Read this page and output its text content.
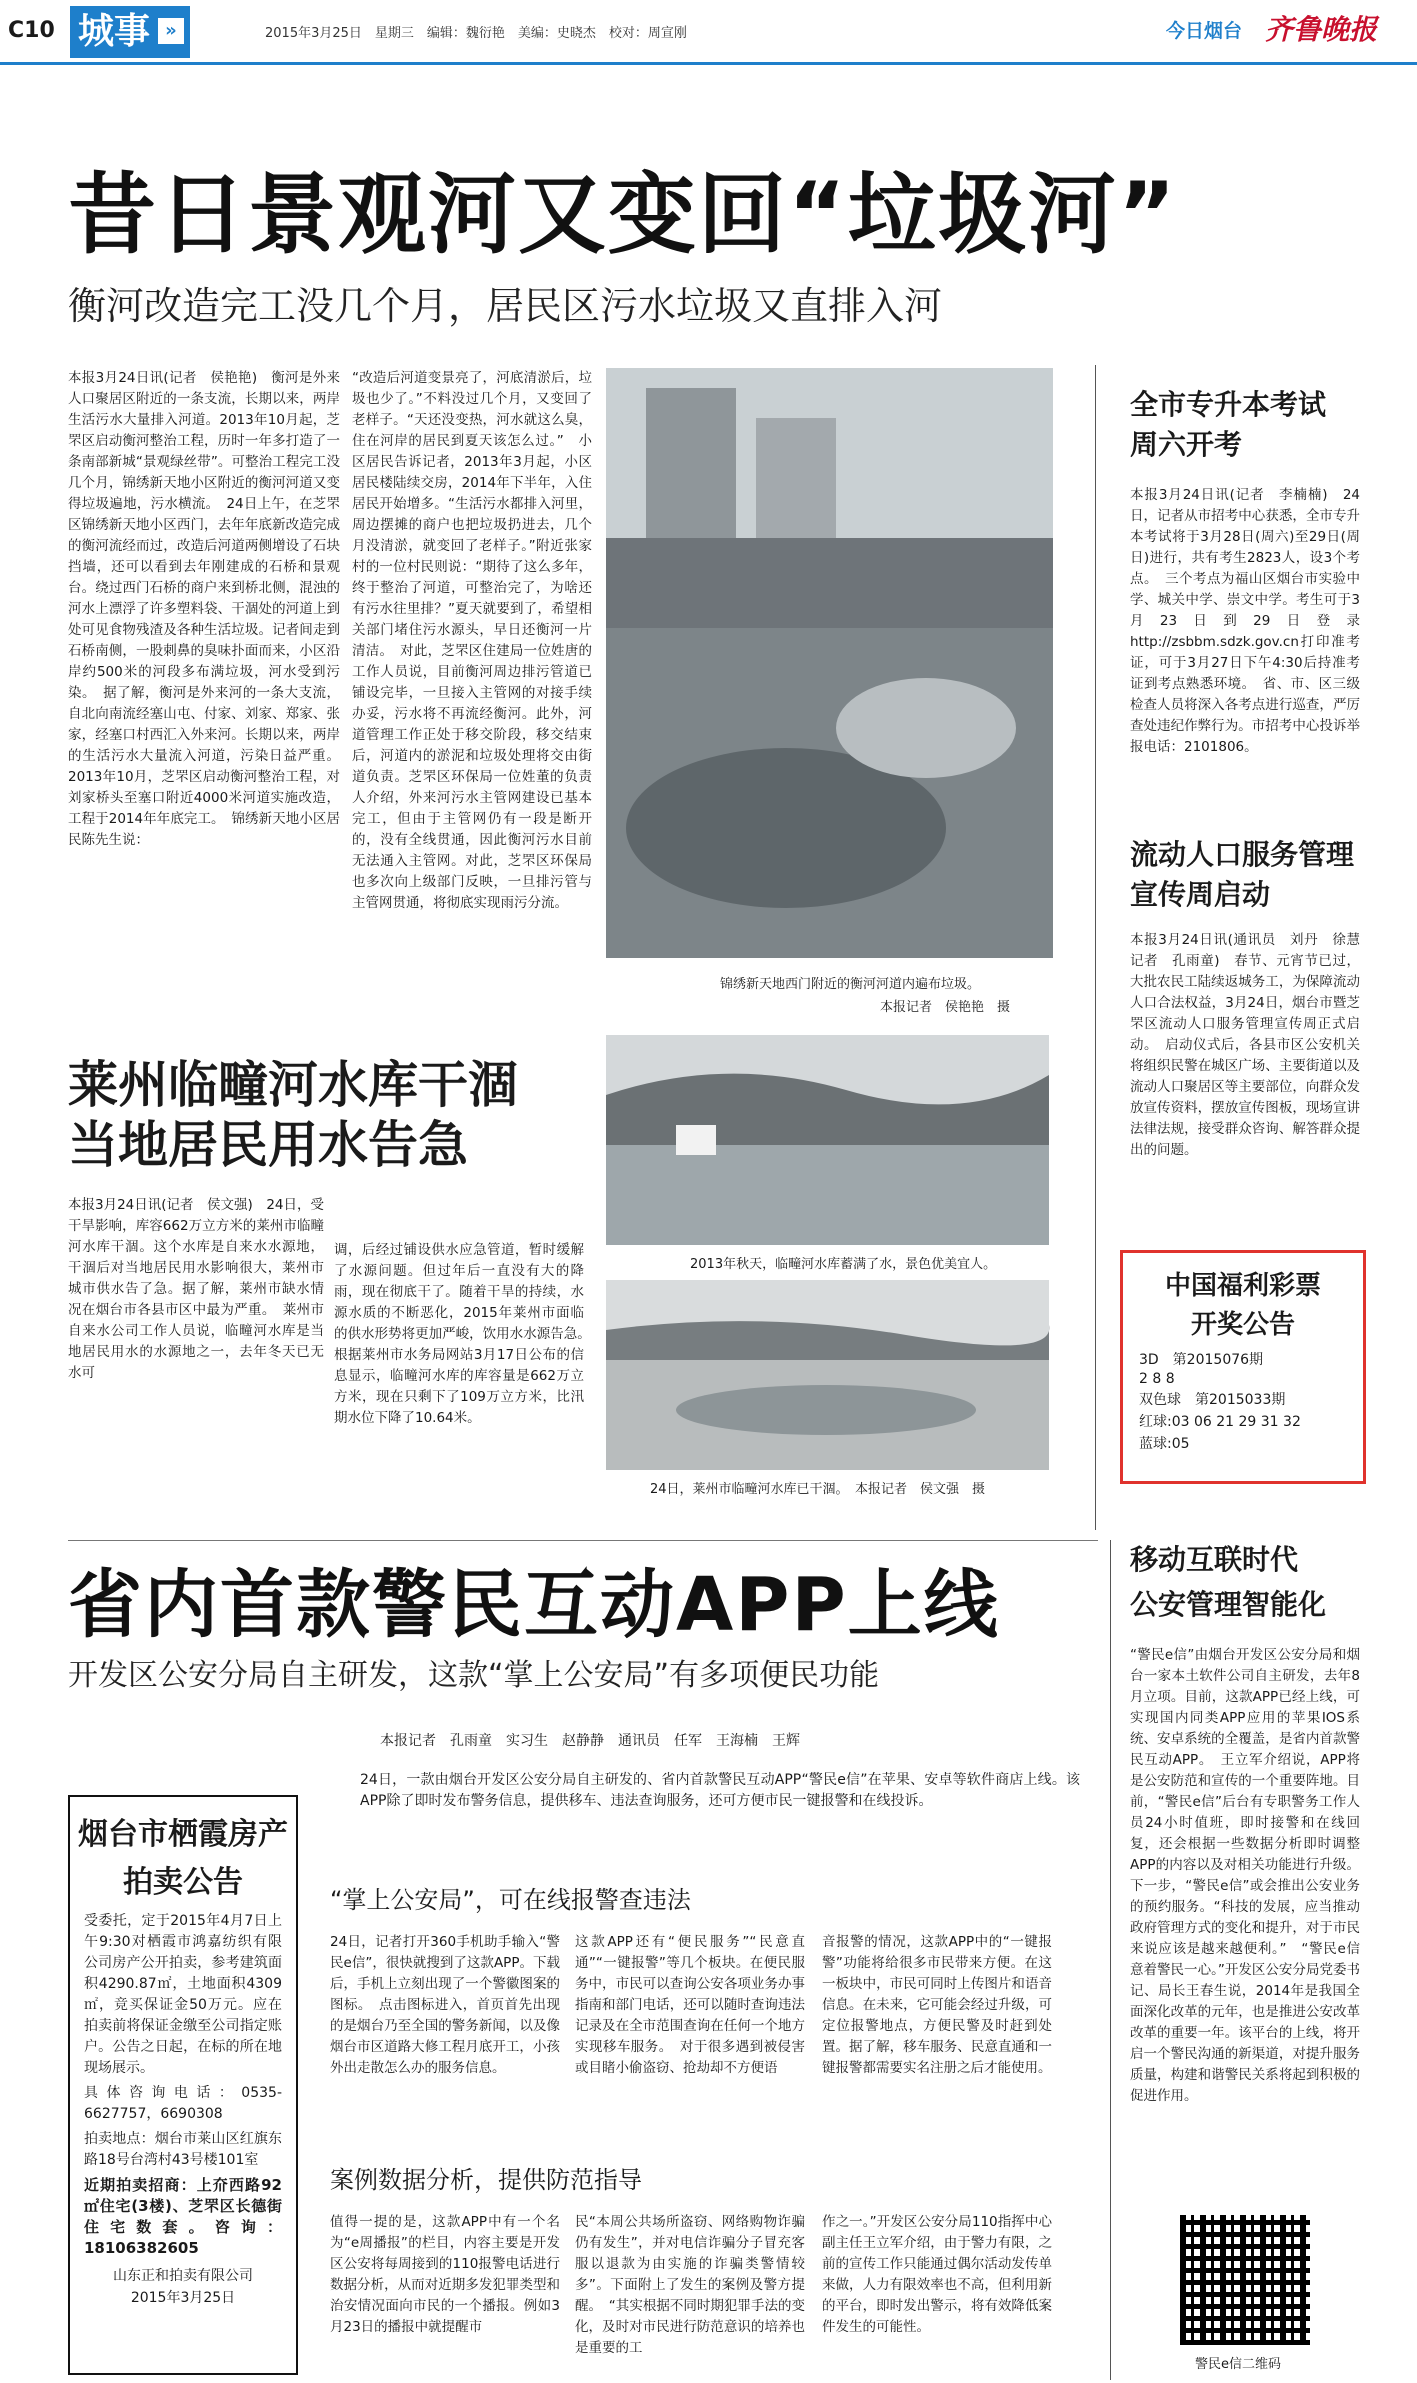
C10 城事 »	2015年3月25日　星期三　编辑：魏衍艳　美编：史晓杰　校对：周宣刚	今日烟台 齐鲁晚报
昔日景观河又变回“垃圾河”
衡河改造完工没几个月，居民区污水垃圾又直排入河
本报3月24日讯(记者　侯艳艳)　衡河是外来人口聚居区附近的一条支流，长期以来，两岸生活污水大量排入河道。2013年10月起，芝罘区启动衡河整治工程，历时一年多打造了一条南部新城“景观绿丝带”。可整治工程完工没几个月，锦绣新天地小区附近的衡河河道又变得垃圾遍地，污水横流。　24日上午，在芝罘区锦绣新天地小区西门，去年年底新改造完成的衡河流经而过，改造后河道两侧增设了石块挡墙，还可以看到去年刚建成的石桥和景观台。绕过西门石桥的商户来到桥北侧，混浊的河水上漂浮了许多塑料袋、干涸处的河道上到处可见食物残渣及各种生活垃圾。记者间走到石桥南侧，一股刺鼻的臭味扑面而来，小区沿岸约500米的河段多布满垃圾，河水受到污染。　据了解，衡河是外来河的一条大支流，自北向南流经塞山屯、付家、刘家、郑家、张家，经塞口村西汇入外来河。长期以来，两岸的生活污水大量流入河道，污染日益严重。2013年10月，芝罘区启动衡河整治工程，对刘家桥头至塞口附近4000米河道实施改造，工程于2014年年底完工。　锦绣新天地小区居民陈先生说：
“改造后河道变景亮了，河底清淤后，垃圾也少了。”不料没过几个月，又变回了老样子。“天还没变热，河水就这么臭，住在河岸的居民到夏天该怎么过。”　小区居民告诉记者，2013年3月起，小区居民楼陆续交房，2014年下半年，入住居民开始增多。“生活污水都排入河里，周边摆摊的商户也把垃圾扔进去，几个月没清淤，就变回了老样子。”附近张家村的一位村民则说：“期待了这么多年，终于整治了河道，可整治完了，为啥还有污水往里排？”夏天就要到了，希望相关部门堵住污水源头，早日还衡河一片清洁。　对此，芝罘区住建局一位姓唐的工作人员说，目前衡河周边排污管道已铺设完毕，一旦接入主管网的对接手续办妥，污水将不再流经衡河。此外，河道管理工作正处于移交阶段，移交结束后，河道内的淤泥和垃圾处理将交由街道负责。芝罘区环保局一位姓董的负责人介绍，外来河污水主管网建设已基本完工，但由于主管网仍有一段是断开的，没有全线贯通，因此衡河污水目前无法通入主管网。对此，芝罘区环保局也多次向上级部门反映，一旦排污管与主管网贯通，将彻底实现雨污分流。
锦绣新天地西门附近的衡河河道内遍布垃圾。
本报记者　侯艳艳　摄
全市专升本考试
周六开考
本报3月24日讯(记者　李楠楠)　24日，记者从市招考中心获悉，全市专升本考试将于3月28日(周六)至29日(周日)进行，共有考生2823人，设3个考点。　三个考点为福山区烟台市实验中学、城关中学、崇文中学。考生可于3月23日到29日登录http://zsbbm.sdzk.gov.cn打印准考证，可于3月27日下午4:30后持准考证到考点熟悉环境。　省、市、区三级检查人员将深入各考点进行巡查，严厉查处违纪作弊行为。市招考中心投诉举报电话：2101806。
流动人口服务管理
宣传周启动
本报3月24日讯(通讯员　刘丹　徐慧　记者　孔雨童)　春节、元宵节已过，大批农民工陆续返城务工，为保障流动人口合法权益，3月24日，烟台市暨芝罘区流动人口服务管理宣传周正式启动。　启动仪式后，各县市区公安机关将组织民警在城区广场、主要街道以及流动人口聚居区等主要部位，向群众发放宣传资料，摆放宣传图板，现场宣讲法律法规，接受群众咨询、解答群众提出的问题。
中国福利彩票
开奖公告
3D　第2015076期
2 8 8
双色球　第2015033期
红球:03 06 21 29 31 32
蓝球:05
莱州临疃河水库干涸
当地居民用水告急
本报3月24日讯(记者　侯文强)　24日，受干旱影响，库容662万立方米的莱州市临疃河水库干涸。这个水库是自来水水源地，干涸后对当地居民用水影响很大，莱州市城市供水告了急。据了解，莱州市缺水情况在烟台市各县市区中最为严重。　莱州市自来水公司工作人员说，临疃河水库是当地居民用水的水源地之一，去年冬天已无水可
调，后经过铺设供水应急管道，暂时缓解了水源问题。但过年后一直没有大的降雨，现在彻底干了。随着干旱的持续，水源水质的不断恶化，2015年莱州市面临的供水形势将更加严峻，饮用水水源告急。　根据莱州市水务局网站3月17日公布的信息显示，临疃河水库的库容量是662万立方米，现在只剩下了109万立方米，比汛期水位下降了10.64米。
2013年秋天，临疃河水库蓄满了水，景色优美宜人。
24日，莱州市临疃河水库已干涸。　本报记者　侯文强　摄
省内首款警民互动APP上线
开发区公安分局自主研发，这款“掌上公安局”有多项便民功能
本报记者　孔雨童　实习生　赵静静　通讯员　任军　王海楠　王辉
24日，一款由烟台开发区公安分局自主研发的、省内首款警民互动APP“警民e信”在苹果、安卓等软件商店上线。该APP除了即时发布警务信息，提供移车、违法查询服务，还可方便市民一键报警和在线投诉。
“掌上公安局”，可在线报警查违法
24日，记者打开360手机助手输入“警民e信”，很快就搜到了这款APP。下载后，手机上立刻出现了一个警徽图案的图标。　点击图标进入，首页首先出现的是烟台乃至全国的警务新闻，以及像烟台市区道路大修工程月底开工，小孩外出走散怎么办的服务信息。
这款APP还有“便民服务”“民意直通”“一键报警”等几个板块。在便民服务中，市民可以查询公安各项业务办事指南和部门电话，还可以随时查询违法记录及在全市范围查询在任何一个地方实现移车服务。　对于很多遇到被侵害或目睹小偷盗窃、抢劫却不方便语
音报警的情况，这款APP中的“一键报警”功能将给很多市民带来方便。在这一板块中，市民可同时上传图片和语音信息。在未来，它可能会经过升级，可定位报警地点，方便民警及时赶到处置。据了解，移车服务、民意直通和一键报警都需要实名注册之后才能使用。
案例数据分析，提供防范指导
值得一提的是，这款APP中有一个名为“e周播报”的栏目，内容主要是开发区公安将每周接到的110报警电话进行数据分析，从而对近期多发犯罪类型和治安情况面向市民的一个播报。例如3月23日的播报中就提醒市
民“本周公共场所盗窃、网络购物诈骗仍有发生”，并对电信诈骗分子冒充客服以退款为由实施的诈骗类警情较多”。下面附上了发生的案例及警方提醒。　“其实根据不同时期犯罪手法的变化，及时对市民进行防范意识的培养也是重要的工
作之一。”开发区公安分局110指挥中心副主任王立军介绍，由于警力有限，之前的宣传工作只能通过偶尔活动发传单来做，人力有限效率也不高，但利用新的平台，即时发出警示，将有效降低案件发生的可能性。
移动互联时代
公安管理智能化
“警民e信”由烟台开发区公安分局和烟台一家本土软件公司自主研发，去年8月立项。目前，这款APP已经上线，可实现国内同类APP应用的苹果IOS系统、安卓系统的全覆盖，是省内首款警民互动APP。　王立军介绍说，APP将是公安防范和宣传的一个重要阵地。目前，“警民e信”后台有专职警务工作人员24小时值班，即时接警和在线回复，还会根据一些数据分析即时调整APP的内容以及对相关功能进行升级。下一步，“警民e信”或会推出公安业务的预约服务。“科技的发展，应当推动政府管理方式的变化和提升，对于市民来说应该是越来越便利。”　“警民e信意着警民一心。”开发区公安分局党委书记、局长王春生说，2014年是我国全面深化改革的元年，也是推进公安改革改革的重要一年。该平台的上线，将开启一个警民沟通的新渠道，对提升服务质量，构建和谐警民关系将起到积极的促进作用。
警民e信二维码
烟台市栖霞房产
拍卖公告
受委托，定于2015年4月7日上午9:30对栖霞市鸿嘉纺织有限公司房产公开拍卖，参考建筑面积4290.87㎡，土地面积4309㎡，竞买保证金50万元。应在拍卖前将保证金缴至公司指定账户。公告之日起，在标的所在地现场展示。
具体咨询电话：0535-6627757，6690308
拍卖地点：烟台市莱山区红旗东路18号台湾村43号楼101室
近期拍卖招商：上夼西路92㎡住宅(3楼)、芝罘区长德街住宅数套。咨询：18106382605
山东正和拍卖有限公司
2015年3月25日
